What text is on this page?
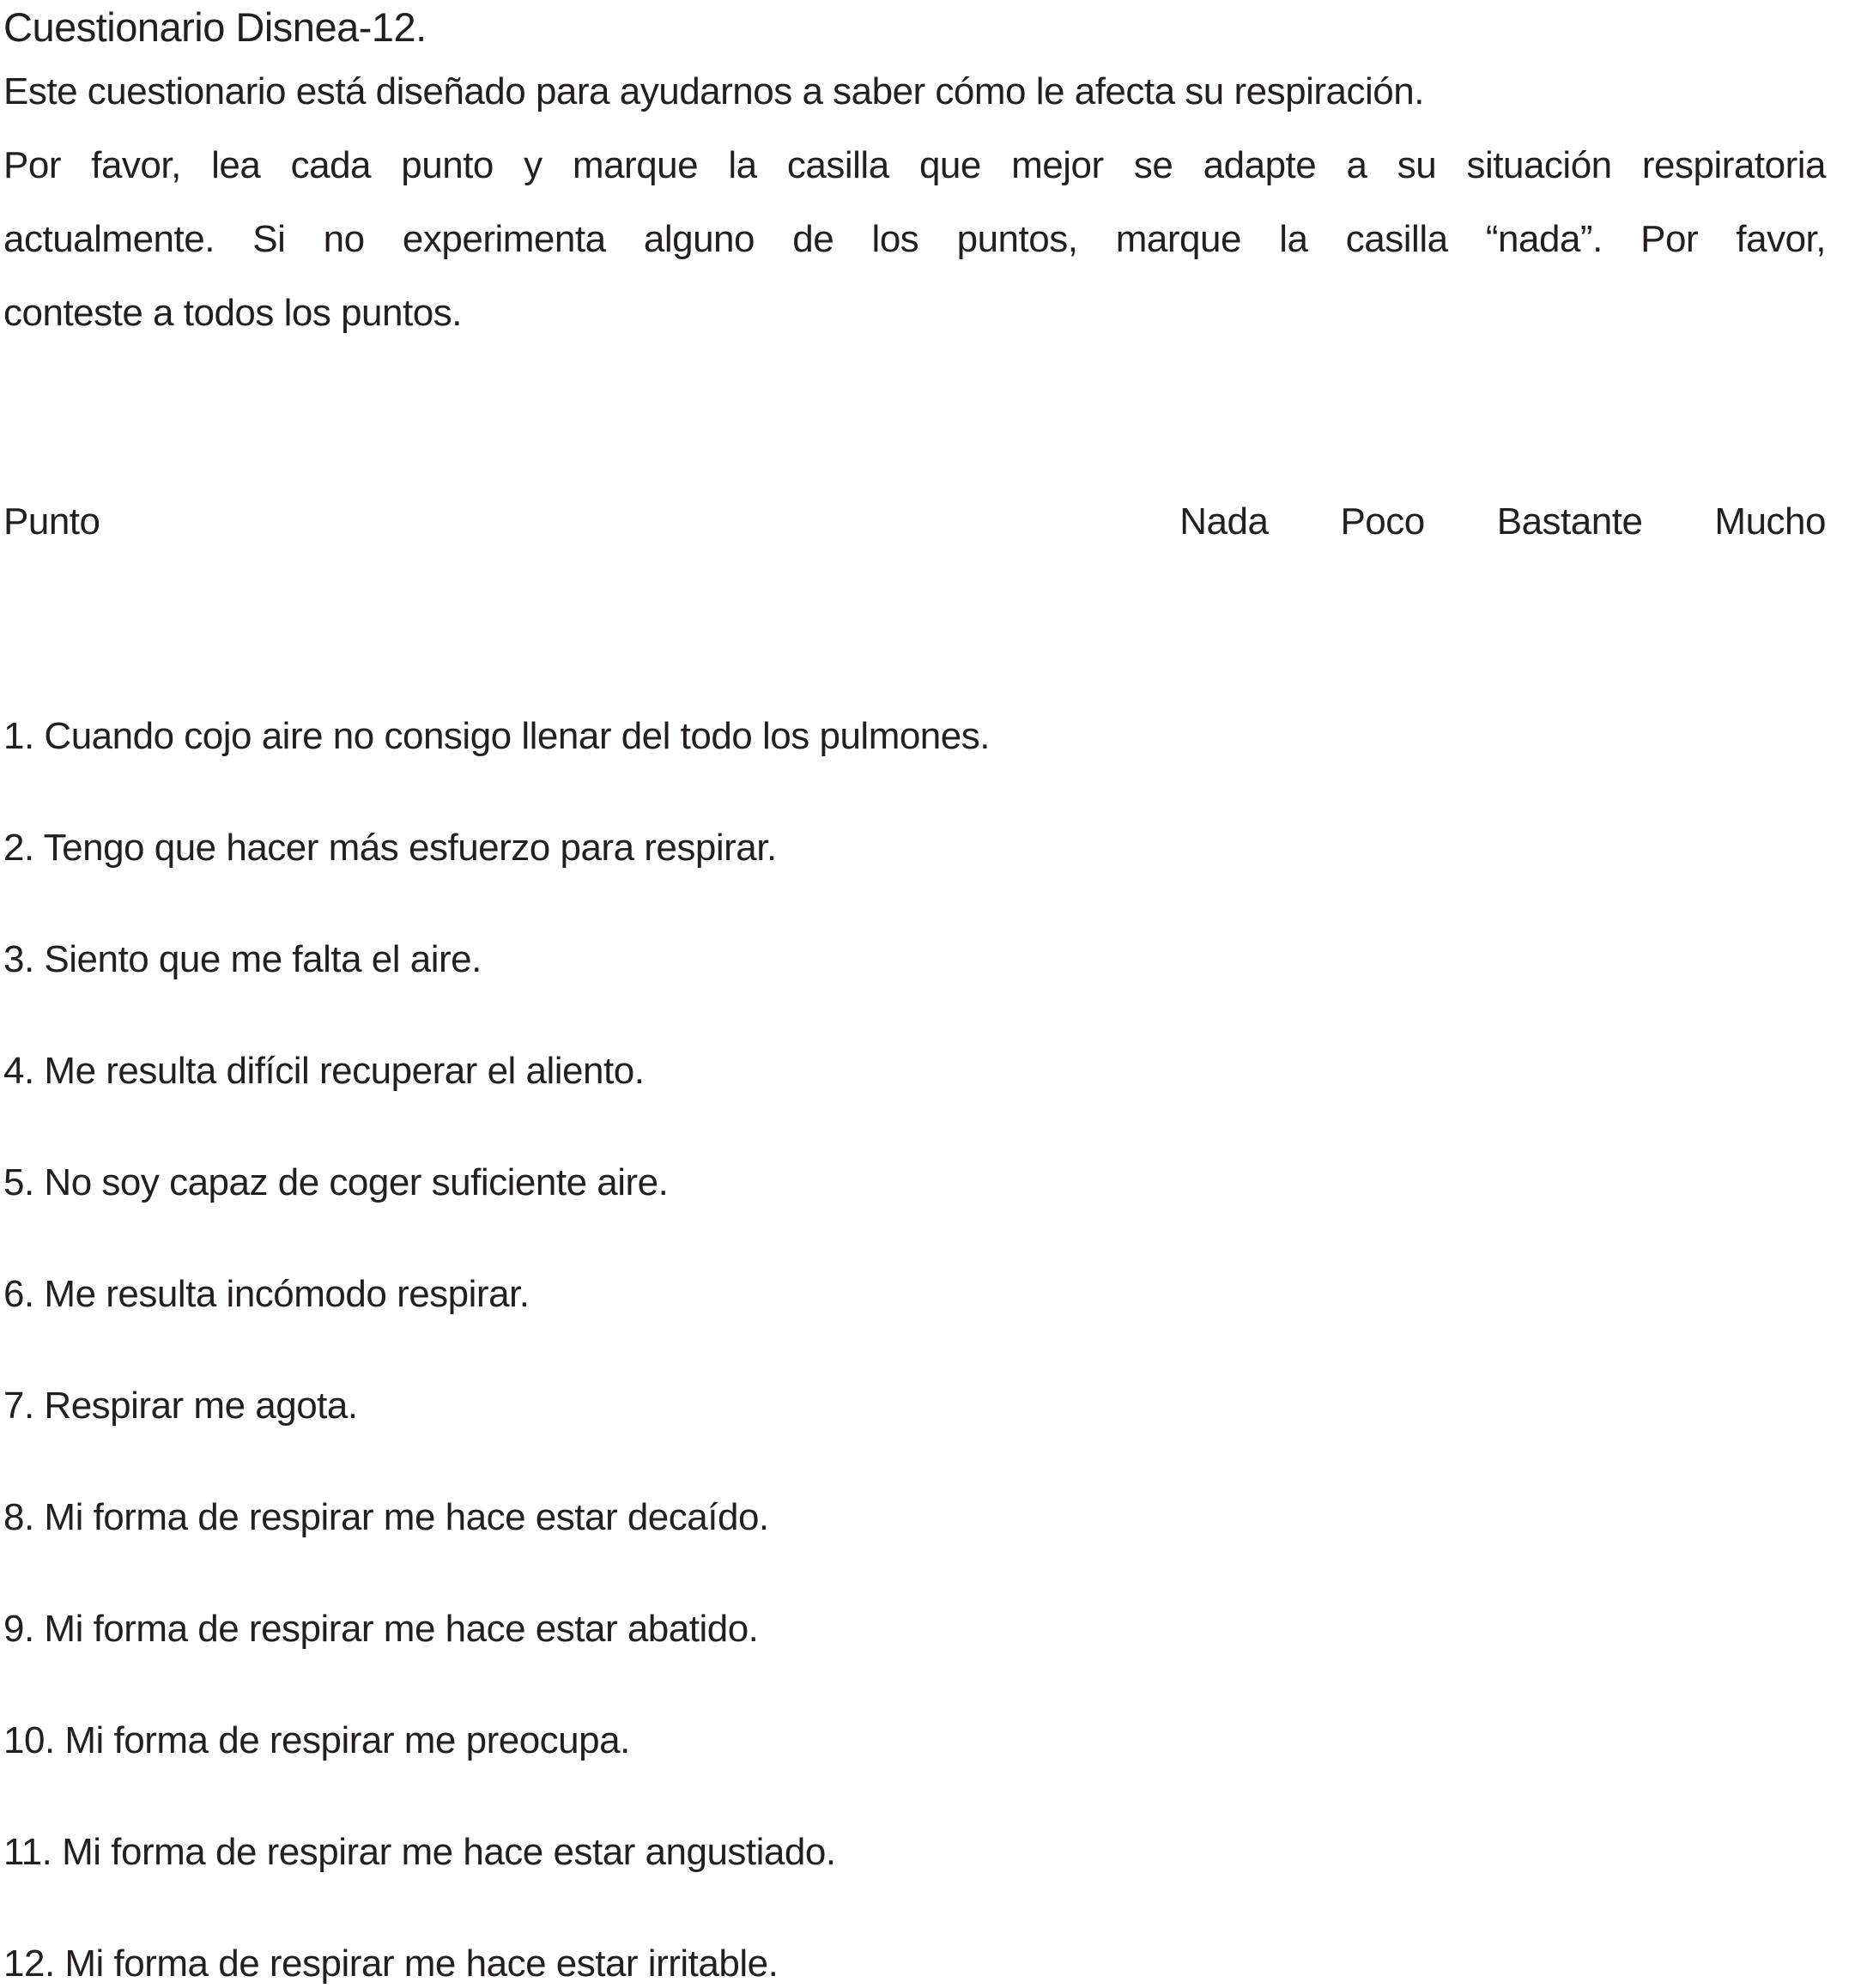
Cuestionario Disnea-12.
Este cuestionario está diseñado para ayudarnos a saber cómo le afecta su respiración.
Por favor, lea cada punto y marque la casilla que mejor se adapte a su situación respiratoria
actualmente. Si no experimenta alguno de los puntos, marque la casilla “nada”. Por favor,
conteste a todos los puntos.
Punto	Nada Poco Bastante Mucho
1. Cuando cojo aire no consigo llenar del todo los pulmones.
2. Tengo que hacer más esfuerzo para respirar.
3. Siento que me falta el aire.
4. Me resulta difícil recuperar el aliento.
5. No soy capaz de coger suficiente aire.
6. Me resulta incómodo respirar.
7. Respirar me agota.
8. Mi forma de respirar me hace estar decaído.
9. Mi forma de respirar me hace estar abatido.
10. Mi forma de respirar me preocupa.
11. Mi forma de respirar me hace estar angustiado.
12. Mi forma de respirar me hace estar irritable.
